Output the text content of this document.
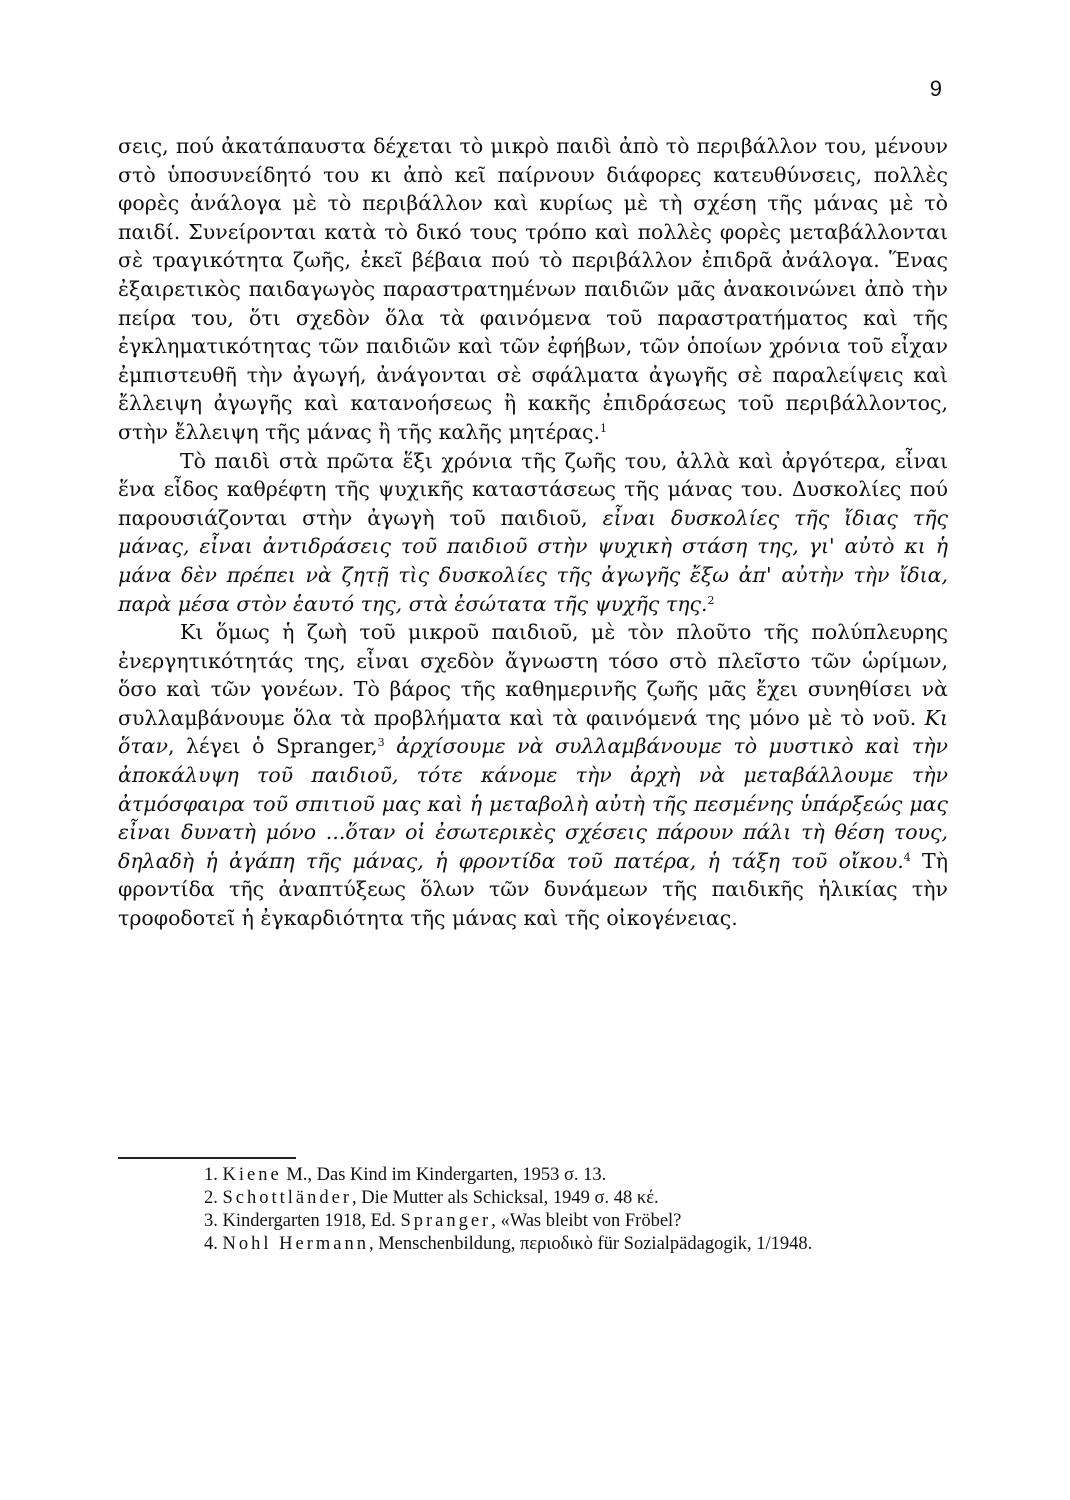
9

σεις, πού ἀκατάπαυστα δέχεται τὸ μικρὸ παιδὶ ἀπὸ τὸ περιβάλλον του, μένουν στὸ ὑποσυνείδητό του κι ἀπὸ κεῖ παίρνουν διάφορες κατευθύνσεις, πολλὲς φορὲς ἀνάλογα μὲ τὸ περιβάλλον καὶ κυρίως μὲ τὴ σχέση τῆς μάνας μὲ τὸ παιδί. Συνείρονται κατὰ τὸ δικό τους τρόπο καὶ πολλὲς φορὲς μεταβάλλονται σὲ τραγικότητα ζωῆς, ἐκεῖ βέβαια πού τὸ περιβάλλον ἐπιδρᾶ ἀνάλογα. Ἕνας ἐξαιρετικὸς παιδαγωγὸς παραστρατημένων παιδιῶν μᾶς ἀνακοινώνει ἀπὸ τὴν πείρα του, ὅτι σχεδὸν ὅλα τὰ φαινόμενα τοῦ παραστρατήματος καὶ τῆς ἐγκληματικότητας τῶν παιδιῶν καὶ τῶν ἐφήβων, τῶν ὁποίων χρόνια τοῦ εἶχαν ἐμπιστευθῆ τὴν ἀγωγή, ἀνάγονται σὲ σφάλματα ἀγωγῆς σὲ παραλείψεις καὶ ἔλλειψη ἀγωγῆς καὶ κατανοήσεως ἢ κακῆς ἐπιδράσεως τοῦ περιβάλλοντος, στὴν ἔλλειψη τῆς μάνας ἢ τῆς καλῆς μητέρας.$^1$

Τὸ παιδὶ στὰ πρῶτα ἕξι χρόνια τῆς ζωῆς του, ἀλλὰ καὶ ἀργότερα, εἶναι ἕνα εἶδος καθρέφτη τῆς ψυχικῆς καταστάσεως τῆς μάνας του. Δυσκολίες πού παρουσιάζονται στὴν ἀγωγὴ τοῦ παιδιοῦ, εἶναι δυσκολίες τῆς ἴδιας τῆς μάνας, εἶναι ἀντιδράσεις τοῦ παιδιοῦ στὴν ψυχικὴ στάση της, γι' αὐτὸ κι ἡ μάνα δὲν πρέπει νὰ ζητῇ τὶς δυσκολίες τῆς ἀγωγῆς ἔξω ἀπ' αὐτὴν τὴν ἴδια, παρὰ μέσα στὸν ἑαυτό της, στὰ ἐσώτατα τῆς ψυχῆς της.$^2$

Κι ὅμως ἡ ζωὴ τοῦ μικροῦ παιδιοῦ, μὲ τὸν πλοῦτο τῆς πολύπλευρης ἐνεργητικότητάς της, εἶναι σχεδὸν ἄγνωστη τόσο στὸ πλεῖστο τῶν ὡρίμων, ὅσο καὶ τῶν γονέων. Τὸ βάρος τῆς καθημερινῆς ζωῆς μᾶς ἔχει συνηθίσει νὰ συλλαμβάνουμε ὅλα τὰ προβλήματα καὶ τὰ φαινόμενά της μόνο μὲ τὸ νοῦ. Κι ὅταν, λέγει ὁ Spranger,$^3$ ἀρχίσουμε νὰ συλλαμβάνουμε τὸ μυστικὸ καὶ τὴν ἀποκάλυψη τοῦ παιδιοῦ, τότε κάνομε τὴν ἀρχὴ νὰ μεταβάλλουμε τὴν ἀτμόσφαιρα τοῦ σπιτιοῦ μας καὶ ἡ μεταβολὴ αὐτὴ τῆς πεσμένης ὑπάρξεώς μας εἶναι δυνατὴ μόνο ...ὅταν οἱ ἐσωτερικὲς σχέσεις πάρουν πάλι τὴ θέση τους, δηλαδὴ ἡ ἀγάπη τῆς μάνας, ἡ φροντίδα τοῦ πατέρα, ἡ τάξη τοῦ οἴκου.$^4$ Τὴ φροντίδα τῆς ἀναπτύξεως ὅλων τῶν δυνάμεων τῆς παιδικῆς ἡλικίας τὴν τροφοδοτεῖ ἡ ἐγκαρδιότητα τῆς μάνας καὶ τῆς οἰκογένειας.

1. Kiene M., Das Kind im Kindergarten, 1953 σ. 13.

2. Schottländer, Die Mutter als Schicksal, 1949 σ. 48 κέ.

3. Kindergarten 1918, Ed. Spranger, «Was bleibt von Fröbel?

4. Nohl Hermann, Menschenbildung, περιοδικὸ für Sozialpädagogik, 1/1948.
